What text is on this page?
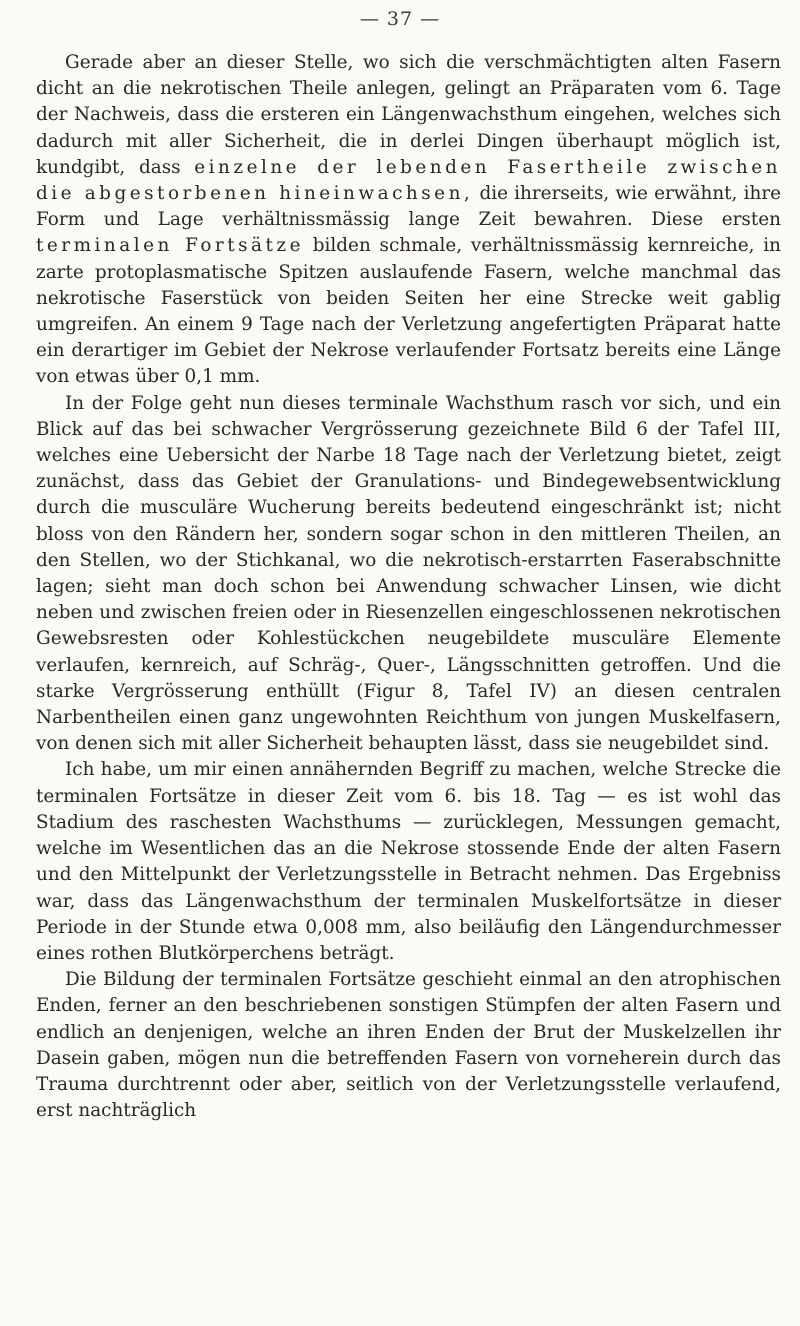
— 37 —

Gerade aber an dieser Stelle, wo sich die verschmächtigten alten Fasern dicht an die nekrotischen Theile anlegen, gelingt an Präparaten vom 6. Tage der Nachweis, dass die ersteren ein Längenwachsthum eingehen, welches sich dadurch mit aller Sicherheit, die in derlei Dingen überhaupt möglich ist, kundgibt, dass einzelne der lebenden Fasertheile zwischen die abgestorbenen hineinwachsen, die ihrerseits, wie erwähnt, ihre Form und Lage verhältnissmässig lange Zeit bewahren. Diese ersten terminalen Fortsätze bilden schmale, verhältnissmässig kernreiche, in zarte protoplasmatische Spitzen auslaufende Fasern, welche manchmal das nekrotische Faserstück von beiden Seiten her eine Strecke weit gablig umgreifen. An einem 9 Tage nach der Verletzung angefertigten Präparat hatte ein derartiger im Gebiet der Nekrose verlaufender Fortsatz bereits eine Länge von etwas über 0,1 mm.

In der Folge geht nun dieses terminale Wachsthum rasch vor sich, und ein Blick auf das bei schwacher Vergrösserung gezeichnete Bild 6 der Tafel III, welches eine Uebersicht der Narbe 18 Tage nach der Verletzung bietet, zeigt zunächst, dass das Gebiet der Granulations- und Bindegewebsentwicklung durch die musculäre Wucherung bereits bedeutend eingeschränkt ist; nicht bloss von den Rändern her, sondern sogar schon in den mittleren Theilen, an den Stellen, wo der Stichkanal, wo die nekrotisch-erstarrten Faserabschnitte lagen; sieht man doch schon bei Anwendung schwacher Linsen, wie dicht neben und zwischen freien oder in Riesenzellen eingeschlossenen nekrotischen Gewebsresten oder Kohlestückchen neugebildete musculäre Elemente verlaufen, kernreich, auf Schräg-, Quer-, Längsschnitten getroffen. Und die starke Vergrösserung enthüllt (Figur 8, Tafel IV) an diesen centralen Narbentheilen einen ganz ungewohnten Reichthum von jungen Muskelfasern, von denen sich mit aller Sicherheit behaupten lässt, dass sie neugebildet sind.

Ich habe, um mir einen annähernden Begriff zu machen, welche Strecke die terminalen Fortsätze in dieser Zeit vom 6. bis 18. Tag — es ist wohl das Stadium des raschesten Wachsthums — zurücklegen, Messungen gemacht, welche im Wesentlichen das an die Nekrose stossende Ende der alten Fasern und den Mittelpunkt der Verletzungsstelle in Betracht nehmen. Das Ergebniss war, dass das Längenwachsthum der terminalen Muskelfortsätze in dieser Periode in der Stunde etwa 0,008 mm, also beiläufig den Längendurchmesser eines rothen Blutkörperchens beträgt.

Die Bildung der terminalen Fortsätze geschieht einmal an den atrophischen Enden, ferner an den beschriebenen sonstigen Stümpfen der alten Fasern und endlich an denjenigen, welche an ihren Enden der Brut der Muskelzellen ihr Dasein gaben, mögen nun die betreffenden Fasern von vorneherein durch das Trauma durchtrennt oder aber, seitlich von der Verletzungsstelle verlaufend, erst nachträglich
